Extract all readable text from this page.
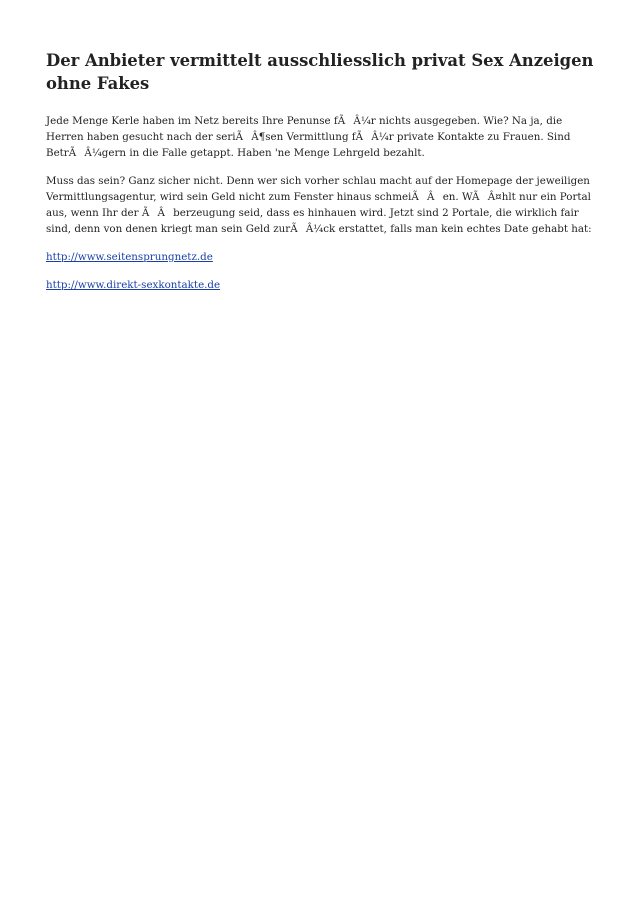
Der Anbieter vermittelt ausschliesslich privat Sex Anzeigen ohne Fakes

Jede Menge Kerle haben im Netz bereits Ihre Penunse fÃÂ¼r nichts ausgegeben. Wie? Na ja, die Herren haben gesucht nach der seriÃÂ¶sen Vermittlung fÃÂ¼r private Kontakte zu Frauen. Sind BetrÃÂ¼gern in die Falle getappt. Haben 'ne Menge Lehrgeld bezahlt.

Muss das sein? Ganz sicher nicht. Denn wer sich vorher schlau macht auf der Homepage der jeweiligen Vermittlungsagentur, wird sein Geld nicht zum Fenster hinaus schmeiÃÂen. WÃÂ¤hlt nur ein Portal aus, wenn Ihr der ÃÂberzeugung seid, dass es hinhauen wird. Jetzt sind 2 Portale, die wirklich fair sind, denn von denen kriegt man sein Geld zurÃÂ¼ck erstattet, falls man kein echtes Date gehabt hat:

http://www.seitensprungnetz.de

http://www.direkt-sexkontakte.de
